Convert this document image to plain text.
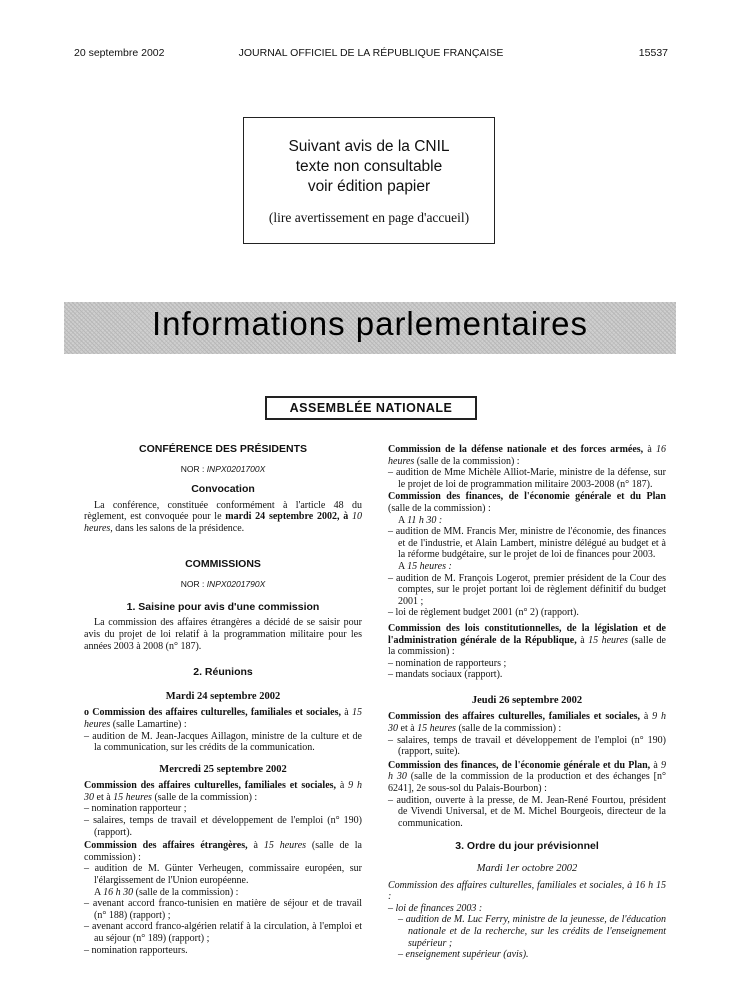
20 septembre 2002	JOURNAL OFFICIEL DE LA RÉPUBLIQUE FRANÇAISE	15537
Suivant avis de la CNIL
texte non consultable
voir édition papier
(lire avertissement en page d'accueil)
Informations parlementaires
ASSEMBLÉE NATIONALE
CONFÉRENCE DES PRÉSIDENTS
NOR : INPX0201700X
Convocation
La conférence, constituée conformément à l'article 48 du règlement, est convoquée pour le mardi 24 septembre 2002, à 10 heures, dans les salons de la présidence.
COMMISSIONS
NOR : INPX0201790X
1. Saisine pour avis d'une commission
La commission des affaires étrangères a décidé de se saisir pour avis du projet de loi relatif à la programmation militaire pour les années 2003 à 2008 (n° 187).
2. Réunions
Mardi 24 septembre 2002
o Commission des affaires culturelles, familiales et sociales, à 15 heures (salle Lamartine) :
– audition de M. Jean-Jacques Aillagon, ministre de la culture et de la communication, sur les crédits de la communication.
Mercredi 25 septembre 2002
Commission des affaires culturelles, familiales et sociales, à 9 h 30 et à 15 heures (salle de la commission) :
– nomination rapporteur ;
– salaires, temps de travail et développement de l'emploi (n° 190) (rapport).
Commission des affaires étrangères, à 15 heures (salle de la commission) :
– audition de M. Günter Verheugen, commissaire européen, sur l'élargissement de l'Union européenne.
A 16 h 30 (salle de la commission) :
– avenant accord franco-tunisien en matière de séjour et de travail (n° 188) (rapport) ;
– avenant accord franco-algérien relatif à la circulation, à l'emploi et au séjour (n° 189) (rapport) ;
– nomination rapporteurs.
Commission de la défense nationale et des forces armées, à 16 heures (salle de la commission) :
– audition de Mme Michèle Alliot-Marie, ministre de la défense, sur le projet de loi de programmation militaire 2003-2008 (n° 187).
Commission des finances, de l'économie générale et du Plan (salle de la commission) :
A 11 h 30 :
– audition de MM. Francis Mer, ministre de l'économie, des finances et de l'industrie, et Alain Lambert, ministre délégué au budget et à la réforme budgétaire, sur le projet de loi de finances pour 2003.
A 15 heures :
– audition de M. François Logerot, premier président de la Cour des comptes, sur le projet portant loi de règlement définitif du budget 2001 ;
– loi de règlement budget 2001 (n° 2) (rapport).
Commission des lois constitutionnelles, de la législation et de l'administration générale de la République, à 15 heures (salle de la commission) :
– nomination de rapporteurs ;
– mandats sociaux (rapport).
Jeudi 26 septembre 2002
Commission des affaires culturelles, familiales et sociales, à 9 h 30 et à 15 heures (salle de la commission) :
– salaires, temps de travail et développement de l'emploi (n° 190) (rapport, suite).
Commission des finances, de l'économie générale et du Plan, à 9 h 30 (salle de la commission de la production et des échanges [n° 6241], 2e sous-sol du Palais-Bourbon) :
– audition, ouverte à la presse, de M. Jean-René Fourtou, président de Vivendi Universal, et de M. Michel Bourgeois, directeur de la communication.
3. Ordre du jour prévisionnel
Mardi 1er octobre 2002
Commission des affaires culturelles, familiales et sociales, à 16 h 15 :
– loi de finances 2003 :
– audition de M. Luc Ferry, ministre de la jeunesse, de l'éducation nationale et de la recherche, sur les crédits de l'enseignement supérieur ;
– enseignement supérieur (avis).
